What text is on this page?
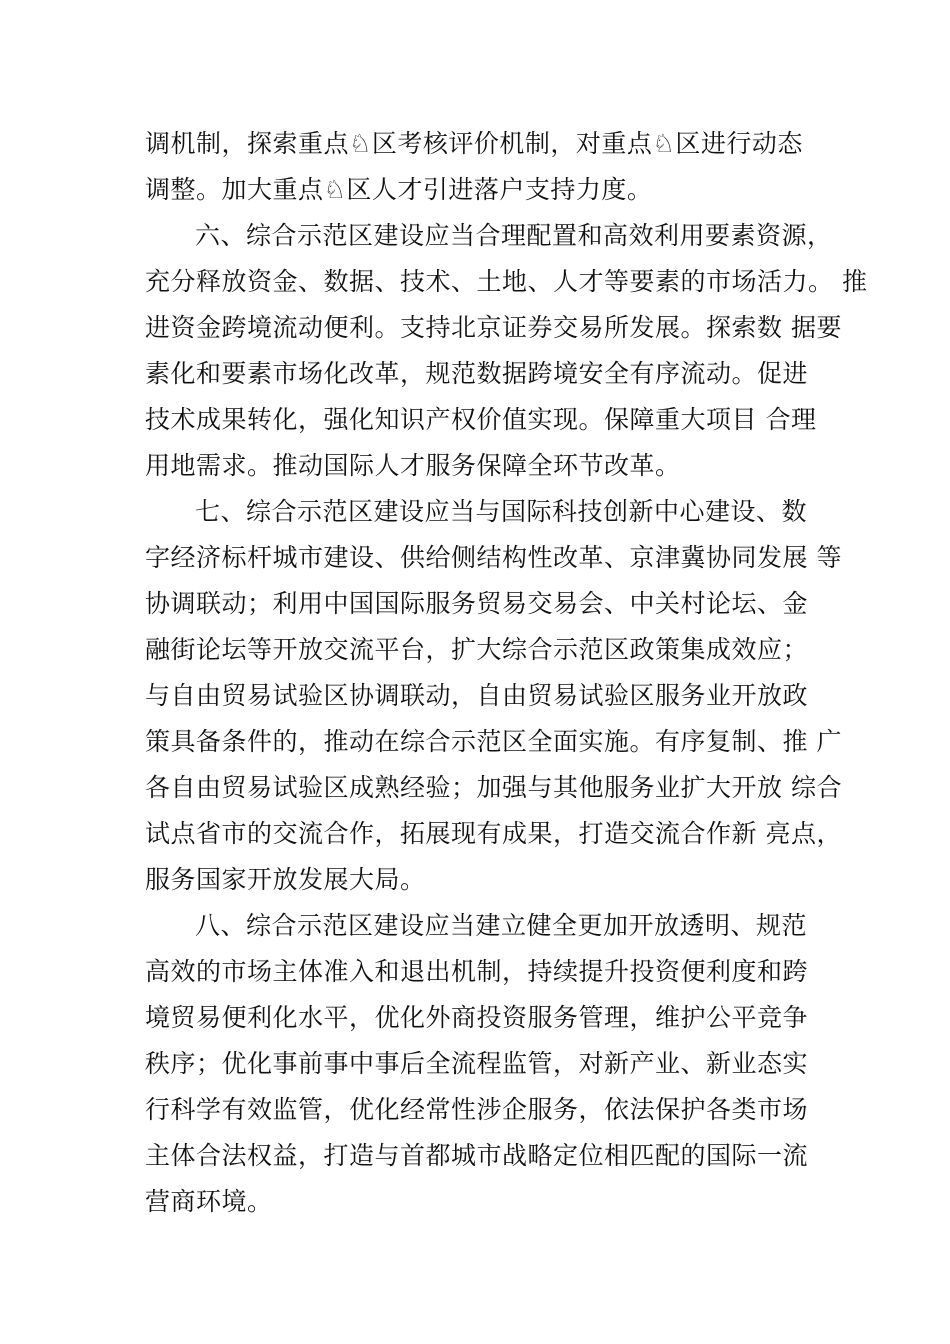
调机制，探索重点♘区考核评价机制，对重点♘区进行动态
调整。加大重点♘区人才引进落户支持力度。
六、综合示范区建设应当合理配置和高效利用要素资源，
充分释放资金、数据、技术、土地、人才等要素的市场活力。 推
进资金跨境流动便利。支持北京证券交易所发展。探索数 据要
素化和要素市场化改革，规范数据跨境安全有序流动。促进
技术成果转化，强化知识产权价值实现。保障重大项目 合理
用地需求。推动国际人才服务保障全环节改革。
七、综合示范区建设应当与国际科技创新中心建设、数
字经济标杆城市建设、供给侧结构性改革、京津冀协同发展 等
协调联动；利用中国国际服务贸易交易会、中关村论坛、金
融街论坛等开放交流平台，扩大综合示范区政策集成效应；
与自由贸易试验区协调联动，自由贸易试验区服务业开放政
策具备条件的，推动在综合示范区全面实施。有序复制、推 广
各自由贸易试验区成熟经验；加强与其他服务业扩大开放 综合
试点省市的交流合作，拓展现有成果，打造交流合作新 亮点，
服务国家开放发展大局。
八、综合示范区建设应当建立健全更加开放透明、规范
高效的市场主体准入和退出机制，持续提升投资便利度和跨
境贸易便利化水平，优化外商投资服务管理，维护公平竞争
秩序；优化事前事中事后全流程监管，对新产业、新业态实
行科学有效监管，优化经常性涉企服务，依法保护各类市场
主体合法权益，打造与首都城市战略定位相匹配的国际一流
营商环境。
